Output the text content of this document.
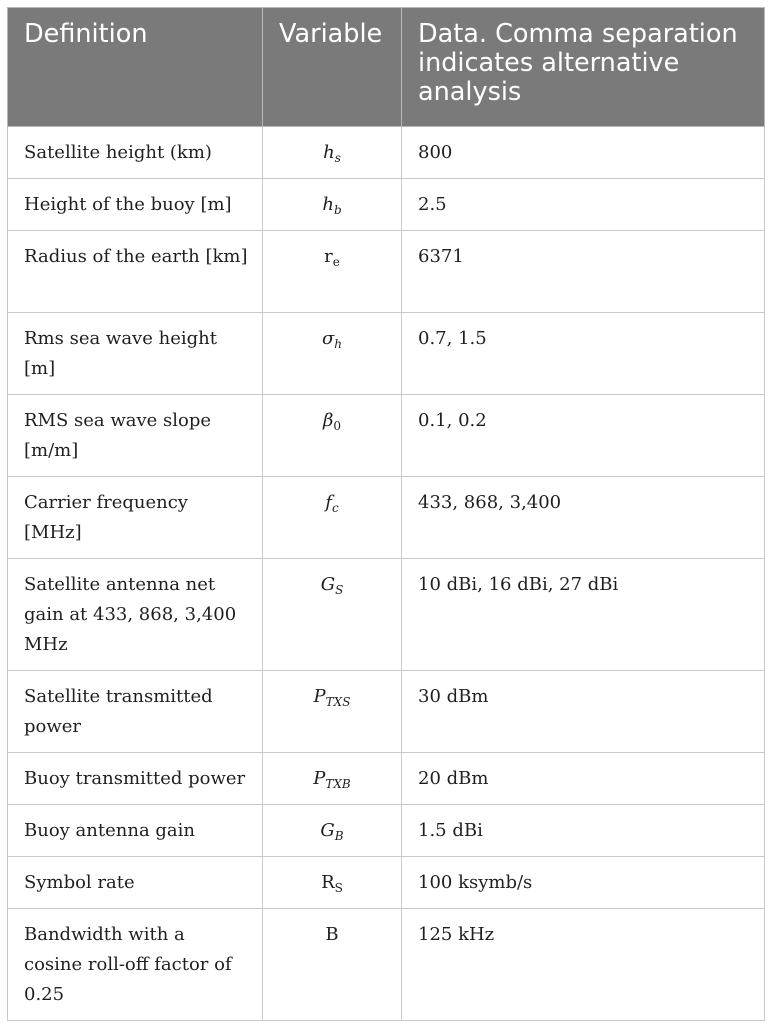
Definition	Variable	Data. Comma separation indicates alternative analysis
Satellite height (km)	$h_s$	800
Height of the buoy [m]	$h_b$	2.5
Radius of the earth [km]	$r_e$	6371
Rms sea wave height [m]	$\sigma_h$	0.7, 1.5
RMS sea wave slope [m/m]	$\beta_0$	0.1, 0.2
Carrier frequency [MHz]	$f_c$	433, 868, 3,400
Satellite antenna net gain at 433, 868, 3,400 MHz	$G_S$	10 dBi, 16 dBi, 27 dBi
Satellite transmitted power	$P_{TXS}$	30 dBm
Buoy transmitted power	$P_{TXB}$	20 dBm
Buoy antenna gain	$G_B$	1.5 dBi
Symbol rate	$R_S$	100 ksymb/s
Bandwidth with a cosine roll-off factor of 0.25	B	125 kHz
